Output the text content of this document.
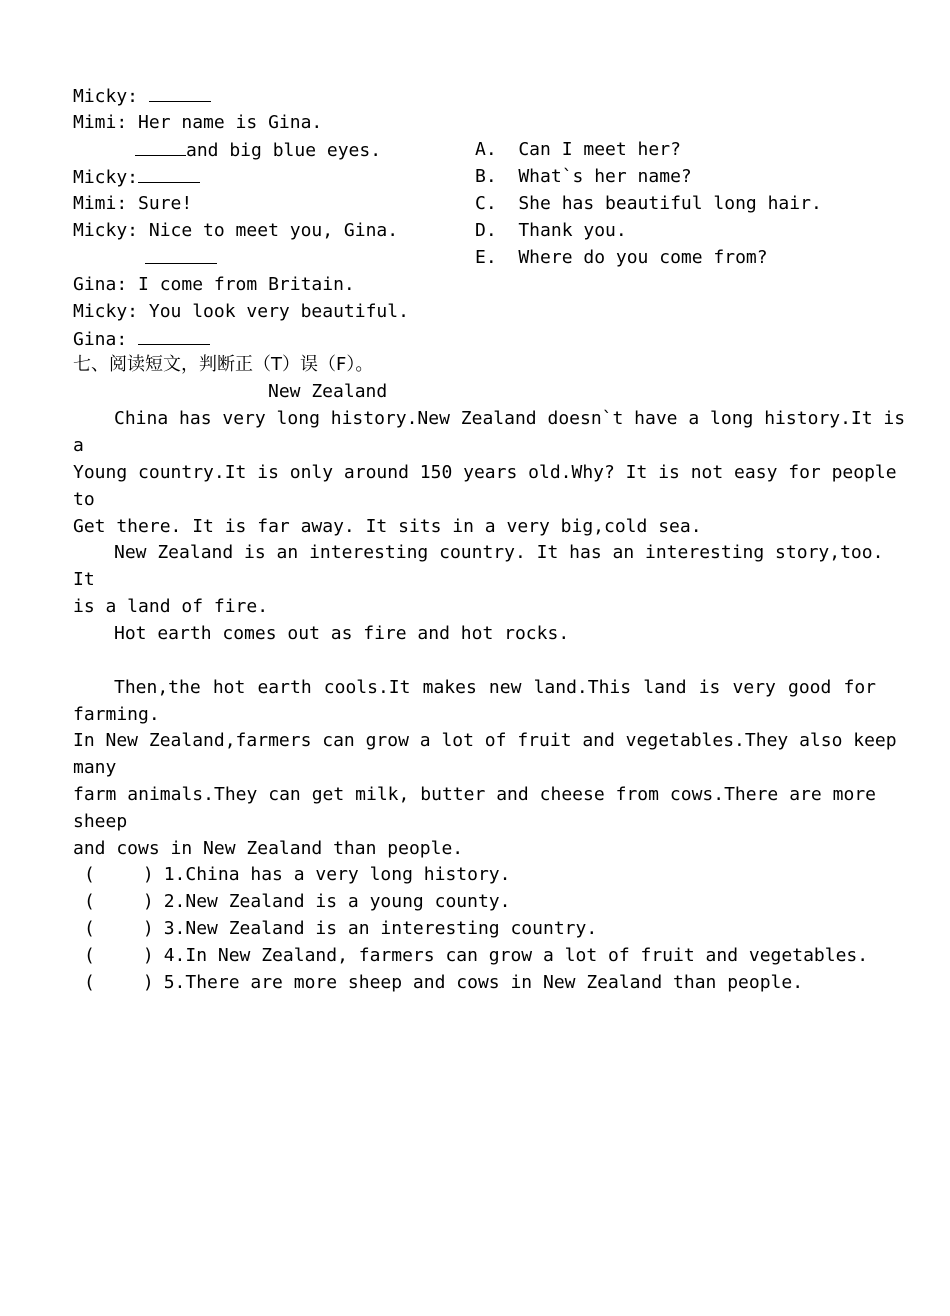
Micky:
Mimi: Her name is Gina.
and big blue eyes.
Micky:
Mimi: Sure!
Micky: Nice to meet you, Gina.
Gina: I come from Britain.
Micky: You look very beautiful.
Gina:
A.  Can I meet her?
B.  What`s her name?
C.  She has beautiful long hair.
D.  Thank you.
E.  Where do you come from?
七、阅读短文，判断正（T）误（F）。
New Zealand
China has very long history.New Zealand doesn`t have a long history.It is
a
Young country.It is only around 150 years old.Why? It is not easy for people
to
Get there. It is far away. It sits in a very big,cold sea.
New Zealand is an interesting country. It has an interesting story,too.
It
is a land of fire.
Hot earth comes out as fire and hot rocks.
Then,the hot earth cools.It makes new land.This land is very good for
farming.
In New Zealand,farmers can grow a lot of fruit and vegetables.They also keep
many
farm animals.They can get milk, butter and cheese from cows.There are more
sheep
and cows in New Zealand than people.
(	) 1.China has a very long history.
(	) 2.New Zealand is a young county.
(	) 3.New Zealand is an interesting country.
(	) 4.In New Zealand, farmers can grow a lot of fruit and vegetables.
(	) 5.There are more sheep and cows in New Zealand than people.
